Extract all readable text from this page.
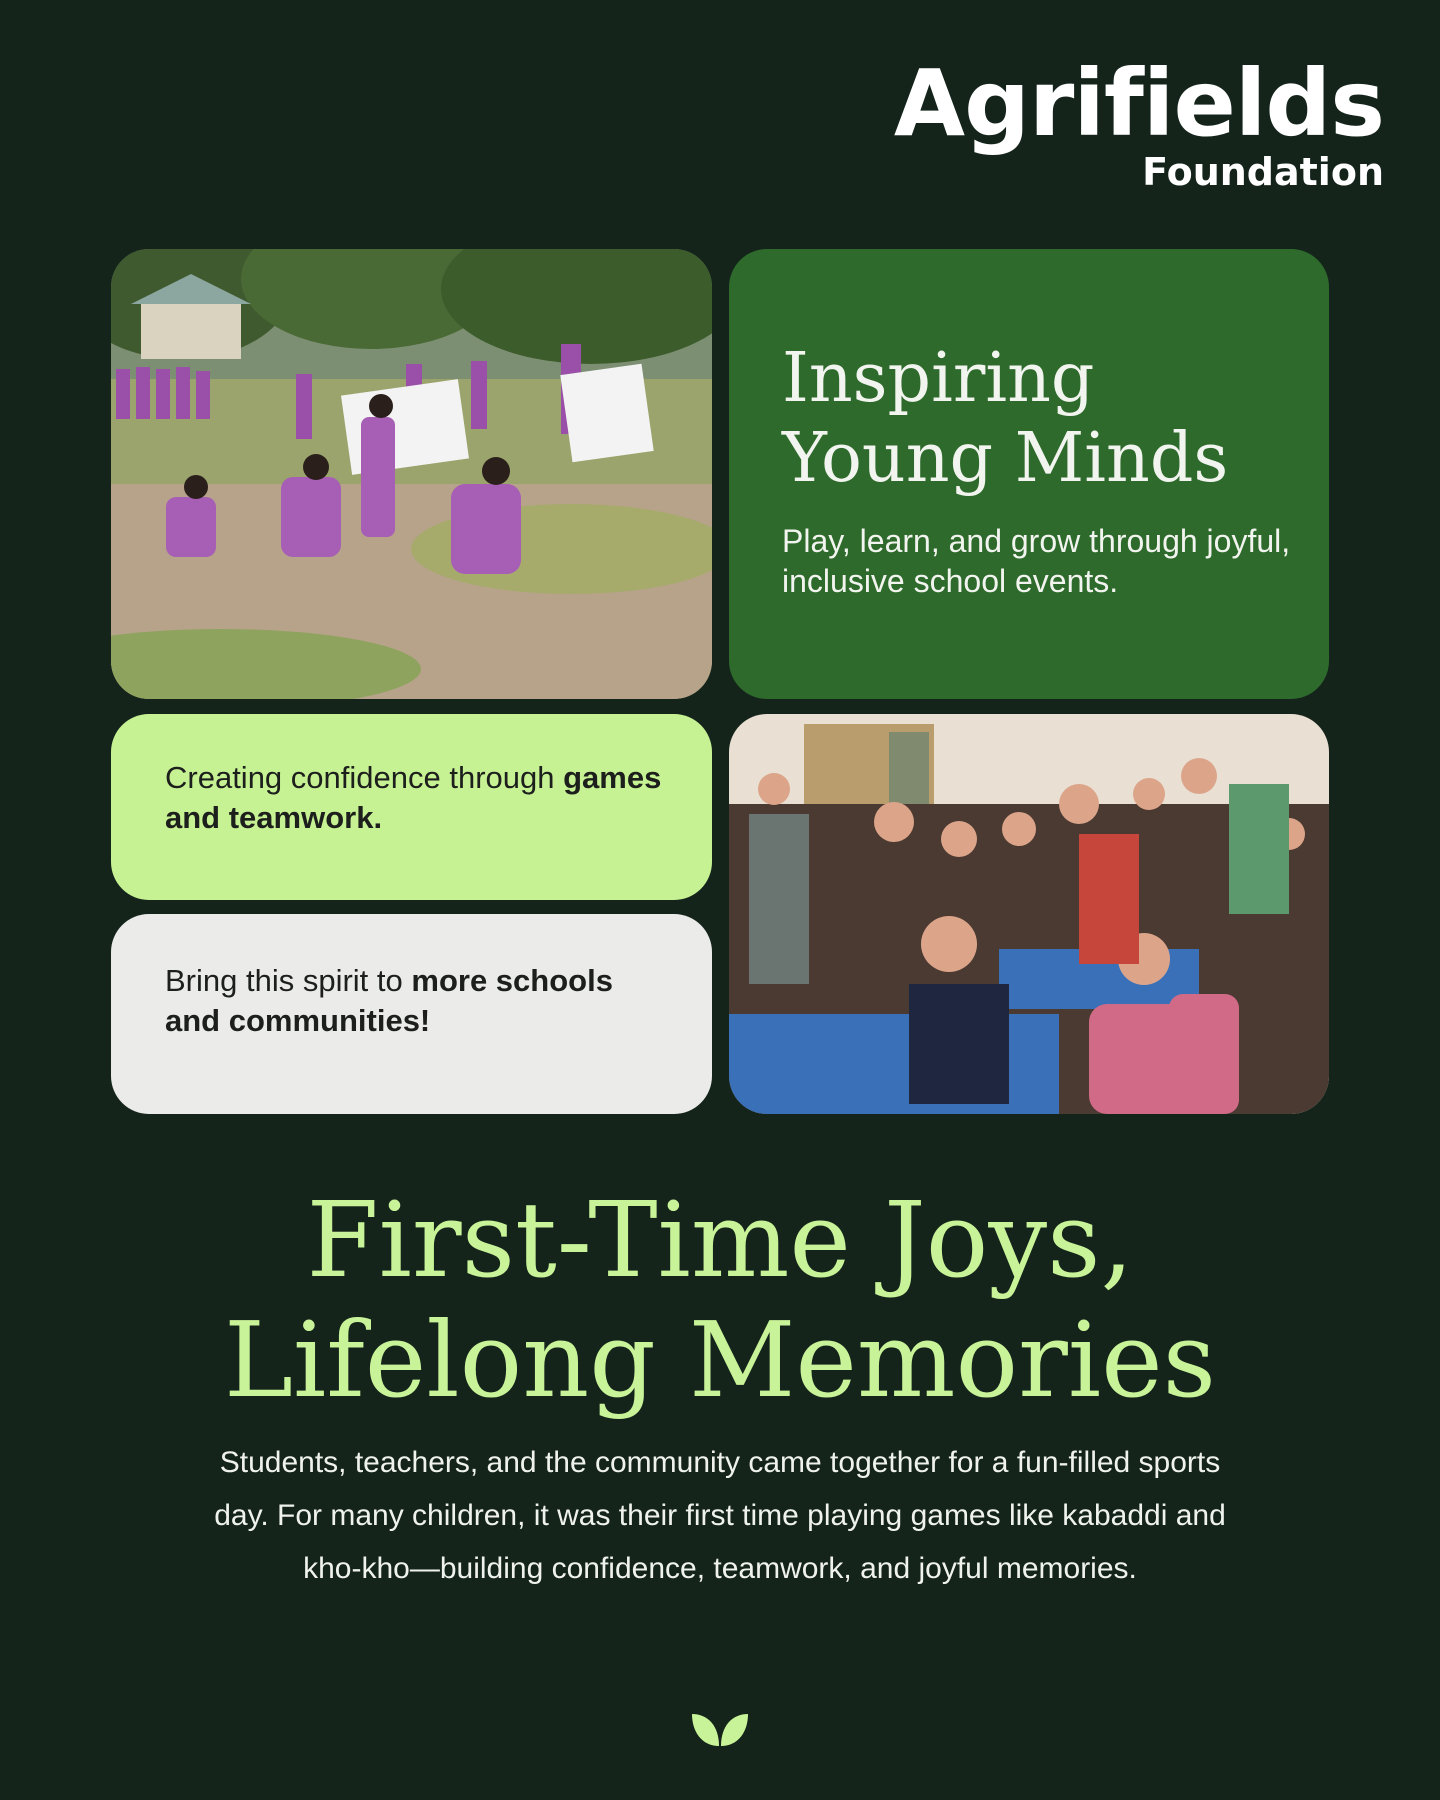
Agrifields
Foundation
Inspiring
Young Minds

Play, learn, and grow through joyful, inclusive school events.

Creating confidence through games and teamwork.

Bring this spirit to more schools and communities!

First-Time Joys,
Lifelong Memories

Students, teachers, and the community came together for a fun-filled sports day. For many children, it was their first time playing games like kabaddi and kho-kho—building confidence, teamwork, and joyful memories.
